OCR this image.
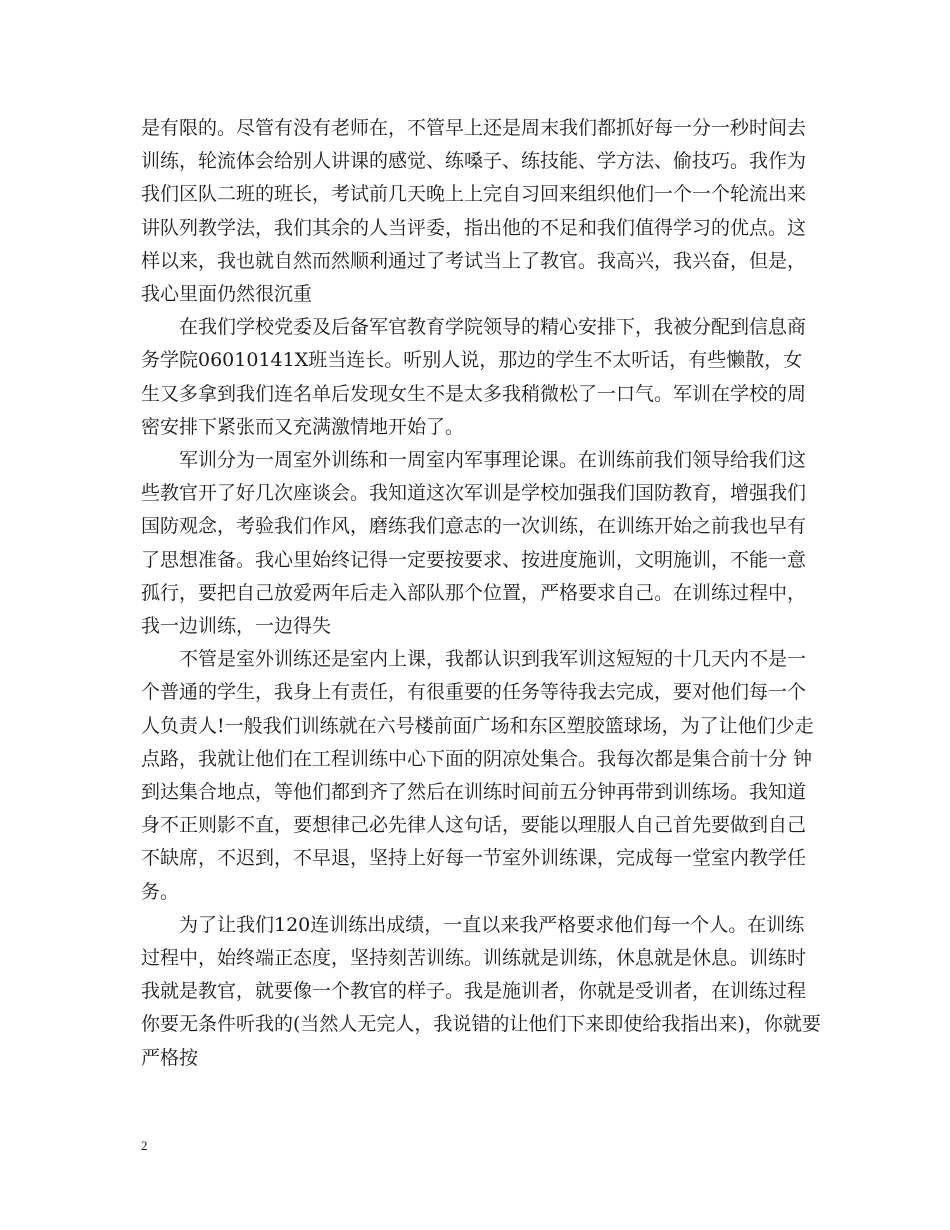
是有限的。尽管有没有老师在，不管早上还是周末我们都抓好每一分一秒时间去训练，轮流体会给别人讲课的感觉、练嗓子、练技能、学方法、偷技巧。我作为我们区队二班的班长，考试前几天晚上上完自习回来组织他们一个一个轮流出来讲队列教学法，我们其余的人当评委，指出他的不足和我们值得学习的优点。这样以来，我也就自然而然顺利通过了考试当上了教官。我高兴，我兴奋，但是，我心里面仍然很沉重

在我们学校党委及后备军官教育学院领导的精心安排下，我被分配到信息商务学院06010141X班当连长。听别人说，那边的学生不太听话，有些懒散，女生又多拿到我们连名单后发现女生不是太多我稍微松了一口气。军训在学校的周密安排下紧张而又充满激情地开始了。

军训分为一周室外训练和一周室内军事理论课。在训练前我们领导给我们这些教官开了好几次座谈会。我知道这次军训是学校加强我们国防教育，增强我们国防观念，考验我们作风，磨练我们意志的一次训练，在训练开始之前我也早有了思想准备。我心里始终记得一定要按要求、按进度施训，文明施训，不能一意孤行，要把自己放爱两年后走入部队那个位置，严格要求自己。在训练过程中，我一边训练，一边得失

不管是室外训练还是室内上课，我都认识到我军训这短短的十几天内不是一个普通的学生，我身上有责任，有很重要的任务等待我去完成，要对他们每一个人负责人!一般我们训练就在六号楼前面广场和东区塑胶篮球场，为了让他们少走点路，我就让他们在工程训练中心下面的阴凉处集合。我每次都是集合前十分 钟到达集合地点，等他们都到齐了然后在训练时间前五分钟再带到训练场。我知道身不正则影不直，要想律己必先律人这句话，要能以理服人自己首先要做到自己不缺席，不迟到，不早退，坚持上好每一节室外训练课，完成每一堂室内教学任务。

为了让我们120连训练出成绩，一直以来我严格要求他们每一个人。在训练过程中，始终端正态度，坚持刻苦训练。训练就是训练，休息就是休息。训练时我就是教官，就要像一个教官的样子。我是施训者，你就是受训者，在训练过程你要无条件听我的(当然人无完人，我说错的让他们下来即使给我指出来)，你就要严格按

2
